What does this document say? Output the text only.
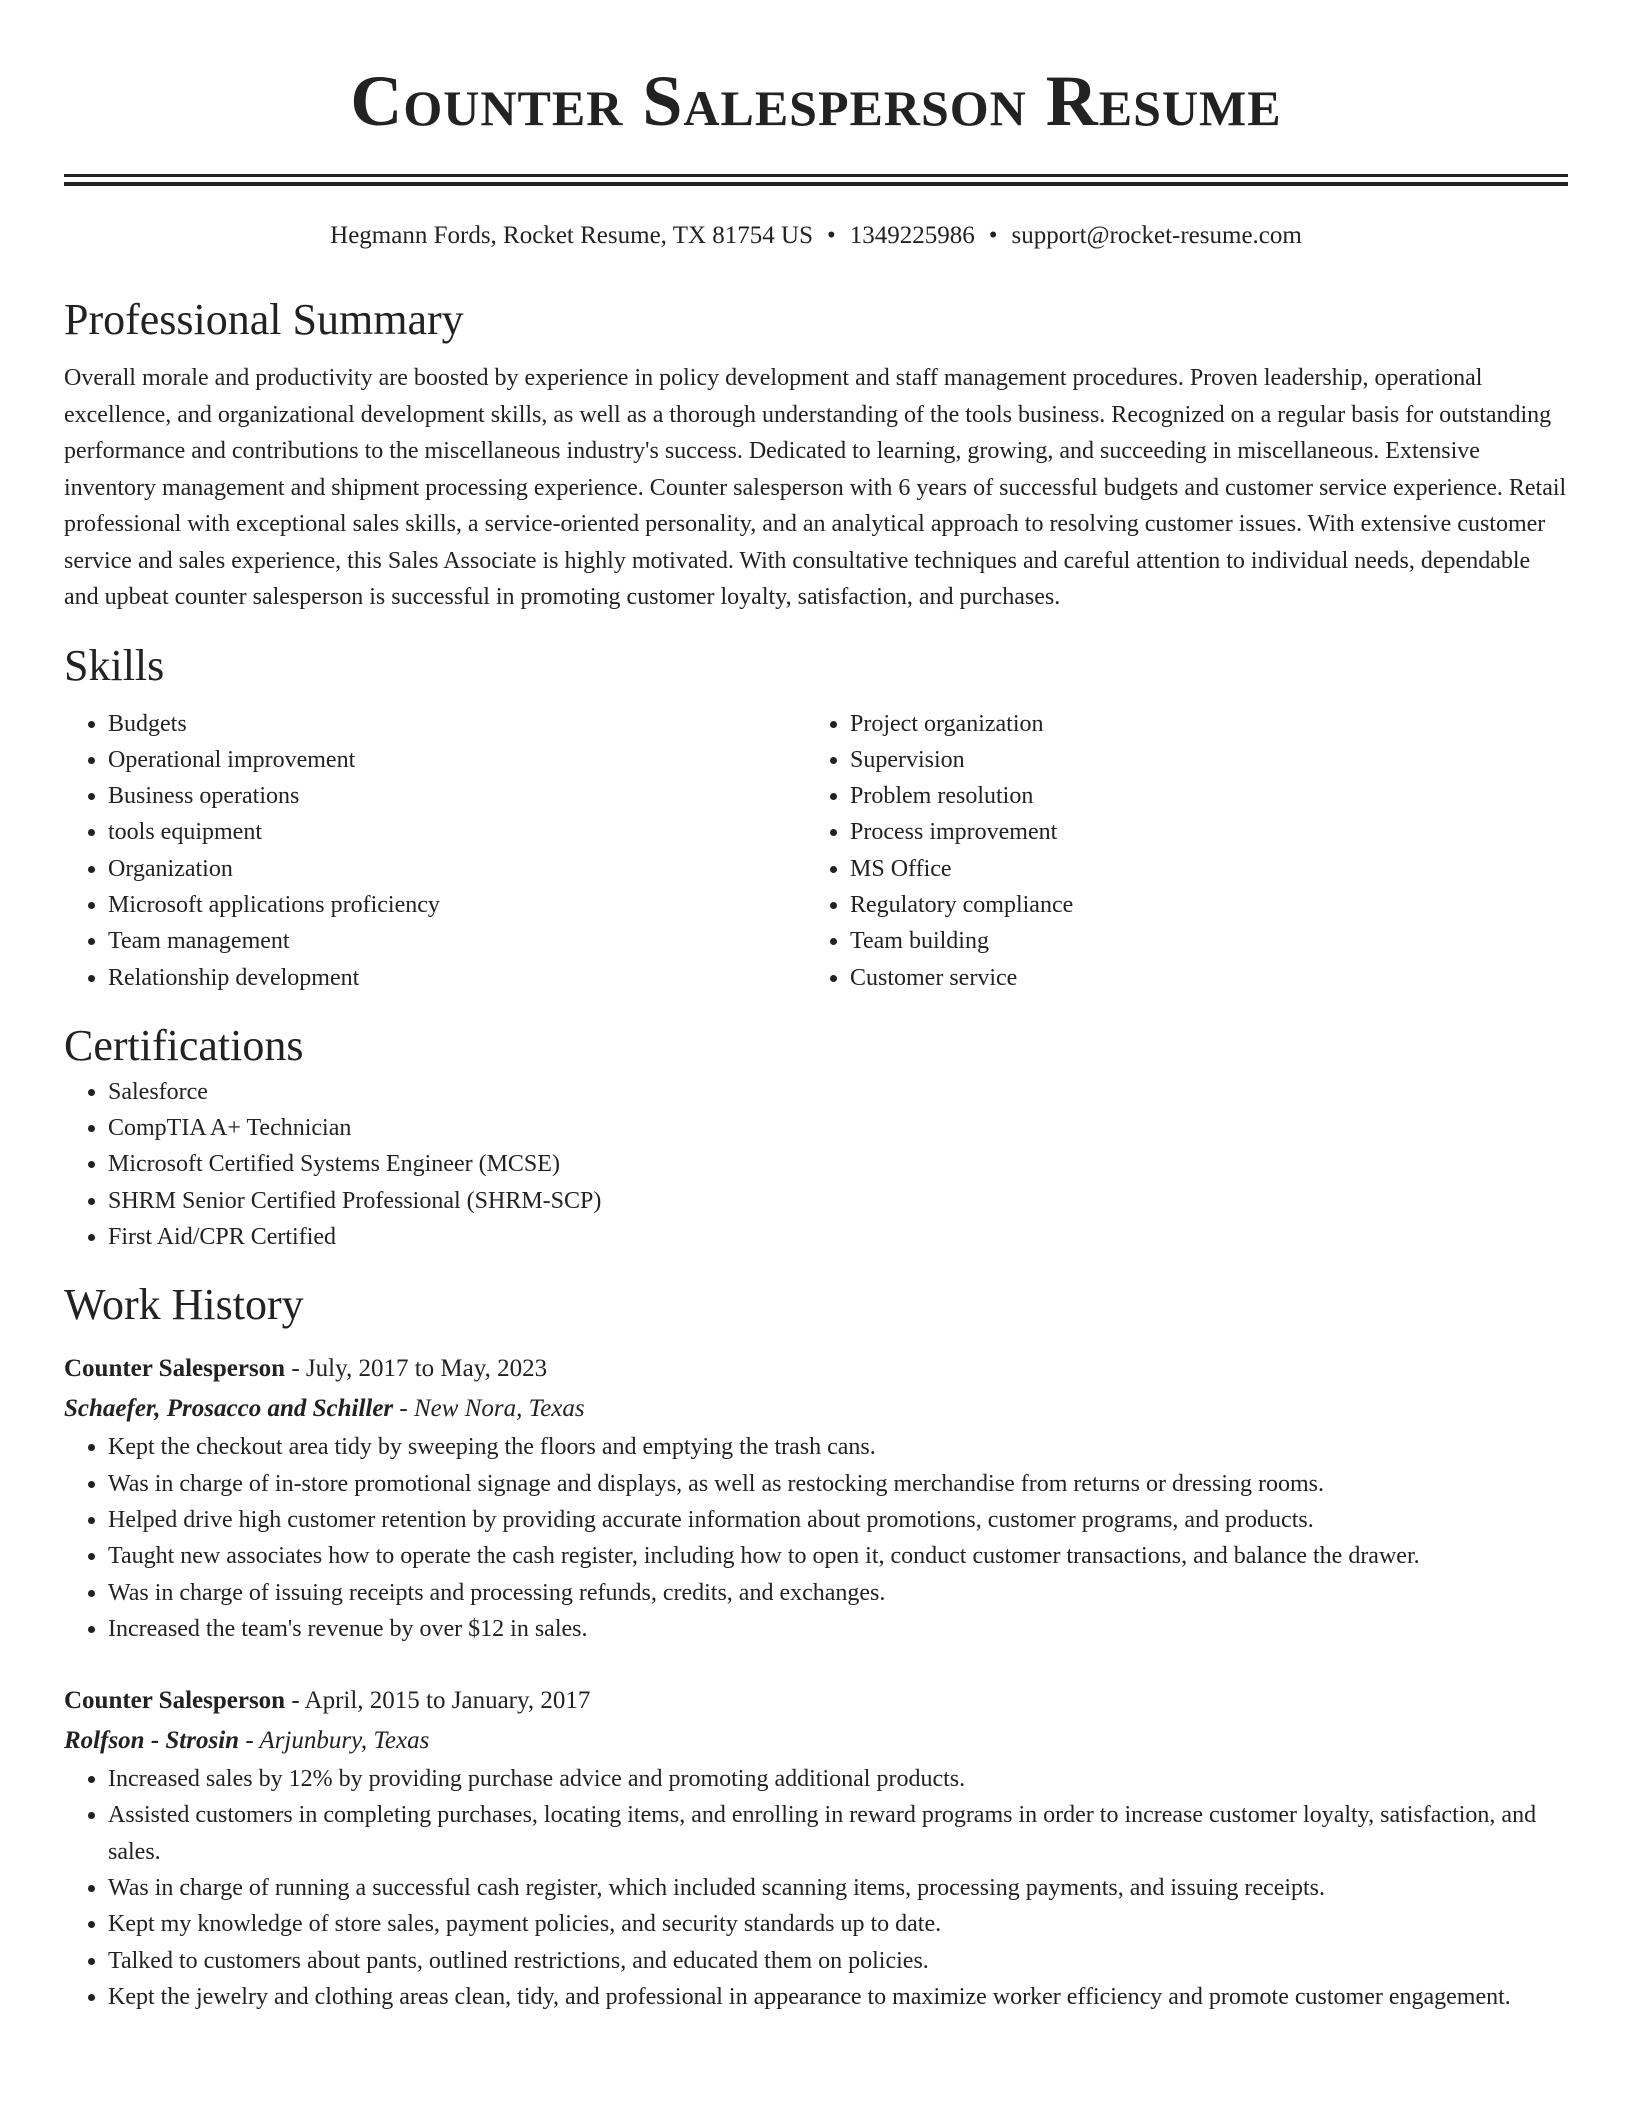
Counter Salesperson Resume
Hegmann Fords, Rocket Resume, TX 81754 US • 1349225986 • support@rocket-resume.com
Professional Summary
Overall morale and productivity are boosted by experience in policy development and staff management procedures. Proven leadership, operational excellence, and organizational development skills, as well as a thorough understanding of the tools business. Recognized on a regular basis for outstanding performance and contributions to the miscellaneous industry's success. Dedicated to learning, growing, and succeeding in miscellaneous. Extensive inventory management and shipment processing experience. Counter salesperson with 6 years of successful budgets and customer service experience. Retail professional with exceptional sales skills, a service-oriented personality, and an analytical approach to resolving customer issues. With extensive customer service and sales experience, this Sales Associate is highly motivated. With consultative techniques and careful attention to individual needs, dependable and upbeat counter salesperson is successful in promoting customer loyalty, satisfaction, and purchases.
Skills
• Budgets
• Operational improvement
• Business operations
• tools equipment
• Organization
• Microsoft applications proficiency
• Team management
• Relationship development
• Project organization
• Supervision
• Problem resolution
• Process improvement
• MS Office
• Regulatory compliance
• Team building
• Customer service
Certifications
• Salesforce
• CompTIA A+ Technician
• Microsoft Certified Systems Engineer (MCSE)
• SHRM Senior Certified Professional (SHRM-SCP)
• First Aid/CPR Certified
Work History
Counter Salesperson - July, 2017 to May, 2023
Schaefer, Prosacco and Schiller - New Nora, Texas
• Kept the checkout area tidy by sweeping the floors and emptying the trash cans.
• Was in charge of in-store promotional signage and displays, as well as restocking merchandise from returns or dressing rooms.
• Helped drive high customer retention by providing accurate information about promotions, customer programs, and products.
• Taught new associates how to operate the cash register, including how to open it, conduct customer transactions, and balance the drawer.
• Was in charge of issuing receipts and processing refunds, credits, and exchanges.
• Increased the team's revenue by over $12 in sales.
Counter Salesperson - April, 2015 to January, 2017
Rolfson - Strosin - Arjunbury, Texas
• Increased sales by 12% by providing purchase advice and promoting additional products.
• Assisted customers in completing purchases, locating items, and enrolling in reward programs in order to increase customer loyalty, satisfaction, and sales.
• Was in charge of running a successful cash register, which included scanning items, processing payments, and issuing receipts.
• Kept my knowledge of store sales, payment policies, and security standards up to date.
• Talked to customers about pants, outlined restrictions, and educated them on policies.
• Kept the jewelry and clothing areas clean, tidy, and professional in appearance to maximize worker efficiency and promote customer engagement.
